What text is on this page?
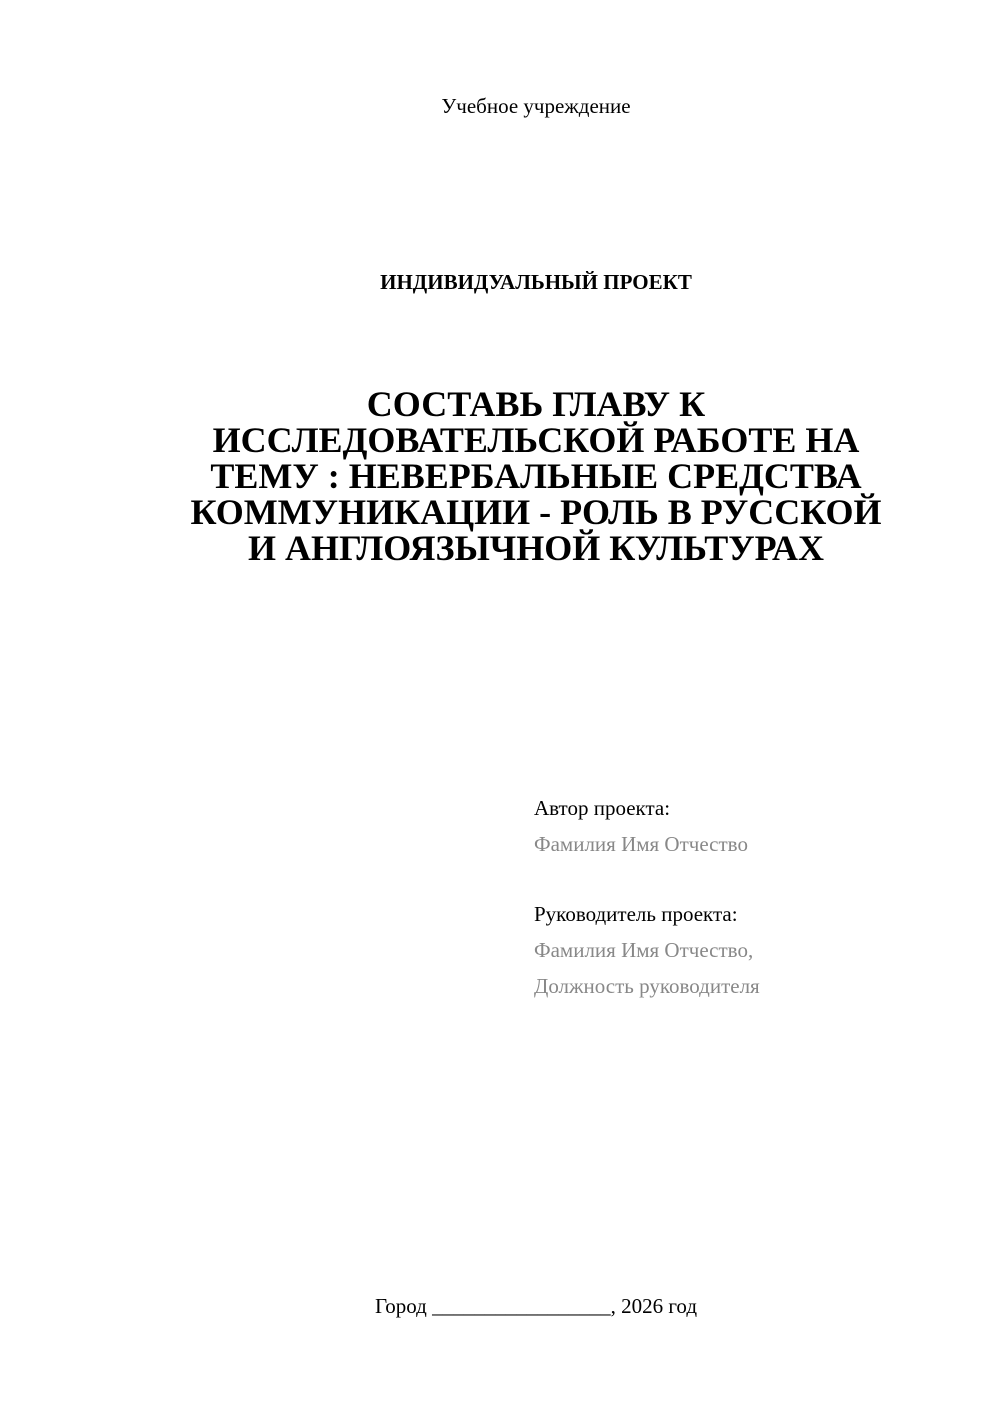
Учебное учреждение
ИНДИВИДУАЛЬНЫЙ ПРОЕКТ
СОСТАВЬ ГЛАВУ К
ИССЛЕДОВАТЕЛЬСКОЙ РАБОТЕ НА
ТЕМУ : НЕВЕРБАЛЬНЫЕ СРЕДСТВА
КОММУНИКАЦИИ - РОЛЬ В РУССКОЙ
И АНГЛОЯЗЫЧНОЙ КУЛЬТУРАХ
Автор проекта:
Фамилия Имя Отчество
Руководитель проекта:
Фамилия Имя Отчество,
Должность руководителя
Город _________________, 2026 год
